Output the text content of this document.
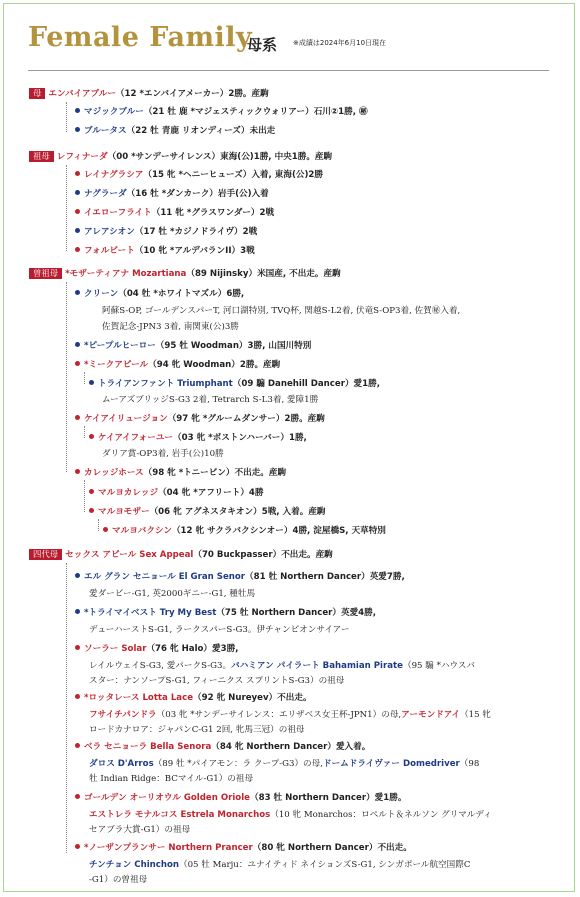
Female Family
母系 ※成績は2024年6月10日現在
母 エンバイアブルー（12 *エンバイアメーカー）2勝。産駒
マジックブルー（21 牡 鹿 *マジェスティックウォリアー）石川②1勝, ㊙
ブルータス（22 牡 青鹿 リオンディーズ）未出走
祖母 レフィナーダ（00 *サンデーサイレンス）東海(公)1勝, 中央1勝。産駒
レイナグラシア（15 牝 *ヘニーヒューズ）入着, 東海(公)2勝
ナグラーダ（16 牡 *ダンカーク）岩手(公)入着
イエローフライト（11 牝 *グラスワンダー）2戦
アレアシオン（17 牡 *カジノドライヴ）2戦
フォルビート（10 牝 *アルデバランII）3戦
曽祖母 *モザーティアナ Mozartiana（89 Nijinsky）米国産, 不出走。産駒
クリーン（04 牡 *ホワイトマズル）6勝,
阿蘇S-OP, ゴールデンスパーT, 河口湖特別, TVQ杯, 関越S-L2着, 伏竜S-OP3着, 佐賀㊙入着,
佐賀記念-JPN3 3着, 南関東(公)3勝
*ピープルヒーロー（95 牡 Woodman）3勝, 山国川特別
*ミークアピール（94 牝 Woodman）2勝。産駒
トライアンファント Triumphant（09 騸 Danehill Dancer）愛1勝,
ムーアズブリッジS-G3 2着, Tetrarch S-L3着, 愛障1勝
ケイアイリュージョン（97 牝 *グルームダンサー）2勝。産駒
ケイアイフォーユー（03 牝 *ボストンハーバー）1勝,
ダリア賞-OP3着, 岩手(公)10勝
カレッジホース（98 牝 *トニービン）不出走。産駒
マルヨカレッジ（04 牝 *アフリート）4勝
マルヨモザー（06 牝 アグネスタキオン）5戦, 入着。産駒
マルヨバクシン（12 牝 サクラバクシンオー）4勝, 淀屋橋S, 天草特別
四代母 セックス アピール Sex Appeal（70 Buckpasser）不出走。産駒
エル グラン セニョール El Gran Senor（81 牡 Northern Dancer）英愛7勝,
愛ダービー-G1, 英2000ギニー-G1, 種牡馬
*トライマイベスト Try My Best（75 牡 Northern Dancer）英愛4勝,
デューハーストS-G1, ラークスパーS-G3。伊チャンピオンサイアー
ソーラー Solar（76 牝 Halo）愛3勝,
レイルウェイS-G3, 愛パークS-G3。バハミアン パイラート Bahamian Pirate（95 騸 *ハウスバ
スター：ナンソープS-G1, フィーニクス スプリントS-G3）の祖母
*ロッタレース Lotta Lace（92 牝 Nureyev）不出走。
フサイチパンドラ（03 牝 *サンデーサイレンス：エリザベス女王杯-JPN1）の母,アーモンドアイ（15 牝
ロードカナロア：ジャパンC-G1 2回, 牝馬三冠）の祖母
ベラ セニョーラ Bella Senora（84 牝 Northern Dancer）愛入着。
ダロス D'Arros（89 牡 *パイアモン：ラ クープ-G3）の母,ドームドライヴァー Domedriver（98
牡 Indian Ridge：BCマイル-G1）の祖母
ゴールデン オーリオウル Golden Oriole（83 牡 Northern Dancer）愛1勝。
エストレラ モナルコス Estrela Monarchos（10 牝 Monarchos：ロペルト＆ネルソン グリマルディ
セアブラ大賞-G1）の祖母
*ノーザンプランサー Northern Prancer（80 牝 Northern Dancer）不出走。
チンチョン Chinchon（05 牡 Marju：ユナイティド ネイションズS-G1, シンガポール航空国際C
-G1）の曽祖母
